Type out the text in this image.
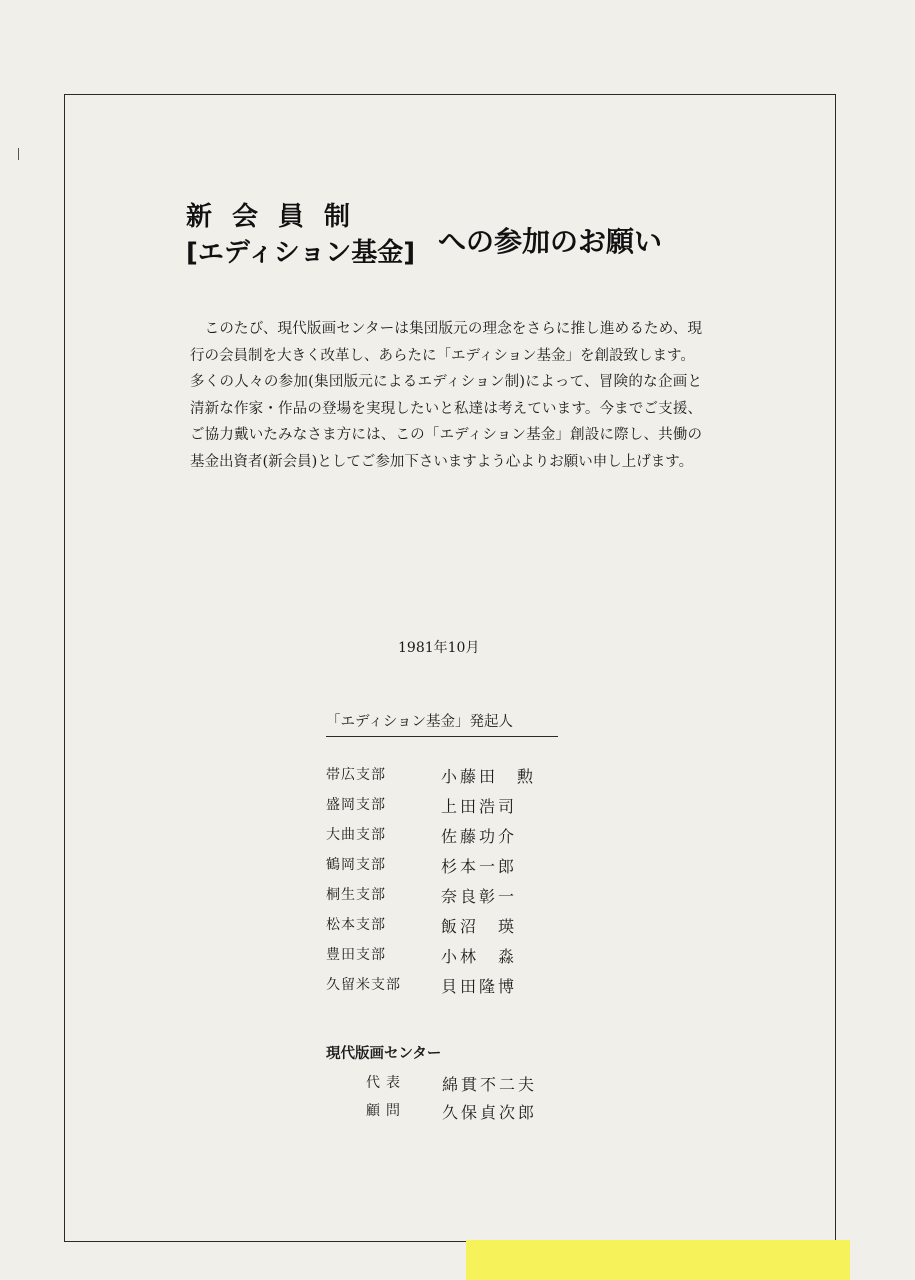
新会員制
[エディション基金] への参加のお願い

　このたび、現代版画センターは集団版元の理念をさらに推し進めるため、現行の会員制を大きく改革し、あらたに「エディション基金」を創設致します。

多くの人々の参加(集団版元によるエディション制)によって、冒険的な企画と清新な作家・作品の登場を実現したいと私達は考えています。今までご支援、ご協力戴いたみなさま方には、この「エディション基金」創設に際し、共働の基金出資者(新会員)としてご参加下さいますよう心よりお願い申し上げます。

1981年10月
「エディション基金」発起人
帯広支部	小藤田　勲
盛岡支部	上田浩司
大曲支部	佐藤功介
鶴岡支部	杉本一郎
桐生支部	奈良彰一
松本支部	飯沼　瑛
豊田支部	小林　淼
久留米支部	貝田隆博
現代版画センター
代表	綿貫不二夫
顧問	久保貞次郎
